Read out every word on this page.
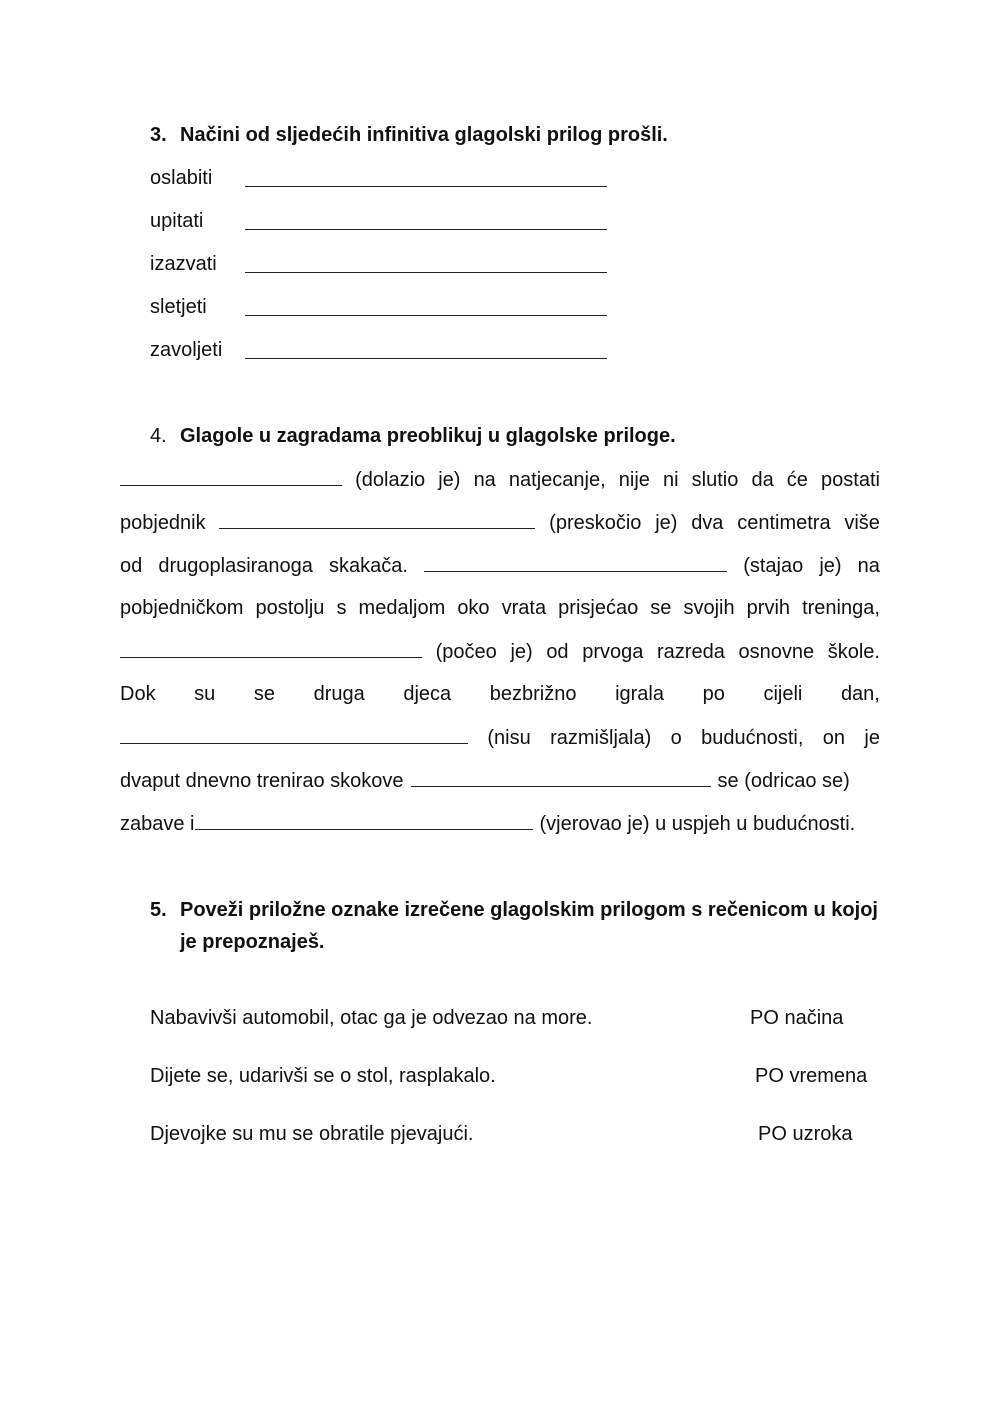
3. Načini od sljedećih infinitiva glagolski prilog prošli.
oslabiti
upitati
izazvati
sletjeti
zavoljeti
4. Glagole u zagradama preoblikuj u glagolske priloge.
(dolazio je) na natjecanje, nije ni slutio da će postati
pobjednik	(preskočio je) dva centimetra više
od drugoplasiranoga skakača.	(stajao je) na
pobjedničkom postolju s medaljom oko vrata prisjećao se svojih prvih treninga,
(počeo je) od prvoga razreda osnovne škole.
Dok su se druga djeca bezbrižno igrala po cijeli dan,
(nisu razmišljala) o budućnosti, on je
dvaput dnevno trenirao skokove	se (odricao se)
zabave i	(vjerovao je) u uspjeh u budućnosti.
5. Poveži priložne oznake izrečene glagolskim prilogom s rečenicom u kojoj
je prepoznaješ.
Nabavivši automobil, otac ga je odvezao na more.	PO načina
Dijete se, udarivši se o stol, rasplakalo.	PO vremena
Djevojke su mu se obratile pjevajući.	PO uzroka
